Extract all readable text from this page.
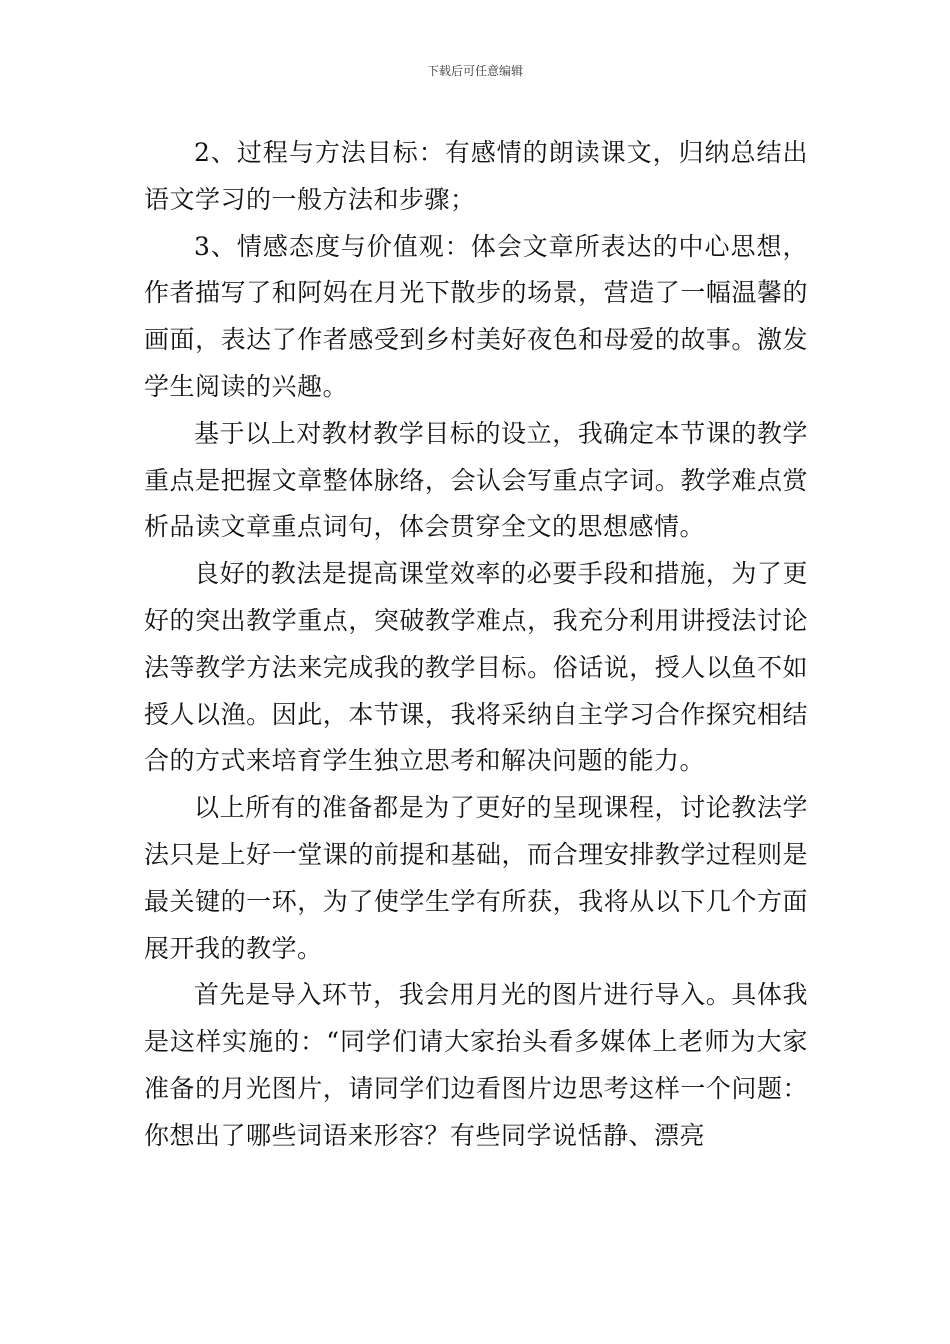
下载后可任意编辑

2、过程与方法目标：有感情的朗读课文，归纳总结出语文学习的一般方法和步骤；

3、情感态度与价值观：体会文章所表达的中心思想，作者描写了和阿妈在月光下散步的场景，营造了一幅温馨的画面，表达了作者感受到乡村美好夜色和母爱的故事。激发学生阅读的兴趣。

基于以上对教材教学目标的设立，我确定本节课的教学重点是把握文章整体脉络，会认会写重点字词。教学难点赏析品读文章重点词句，体会贯穿全文的思想感情。

良好的教法是提高课堂效率的必要手段和措施，为了更好的突出教学重点，突破教学难点，我充分利用讲授法讨论法等教学方法来完成我的教学目标。俗话说，授人以鱼不如授人以渔。因此，本节课，我将采纳自主学习合作探究相结合的方式来培育学生独立思考和解决问题的能力。

以上所有的准备都是为了更好的呈现课程，讨论教法学法只是上好一堂课的前提和基础，而合理安排教学过程则是最关键的一环，为了使学生学有所获，我将从以下几个方面展开我的教学。

首先是导入环节，我会用月光的图片进行导入。具体我是这样实施的：“同学们请大家抬头看多媒体上老师为大家准备的月光图片，请同学们边看图片边思考这样一个问题：你想出了哪些词语来形容？有些同学说恬静、漂亮
